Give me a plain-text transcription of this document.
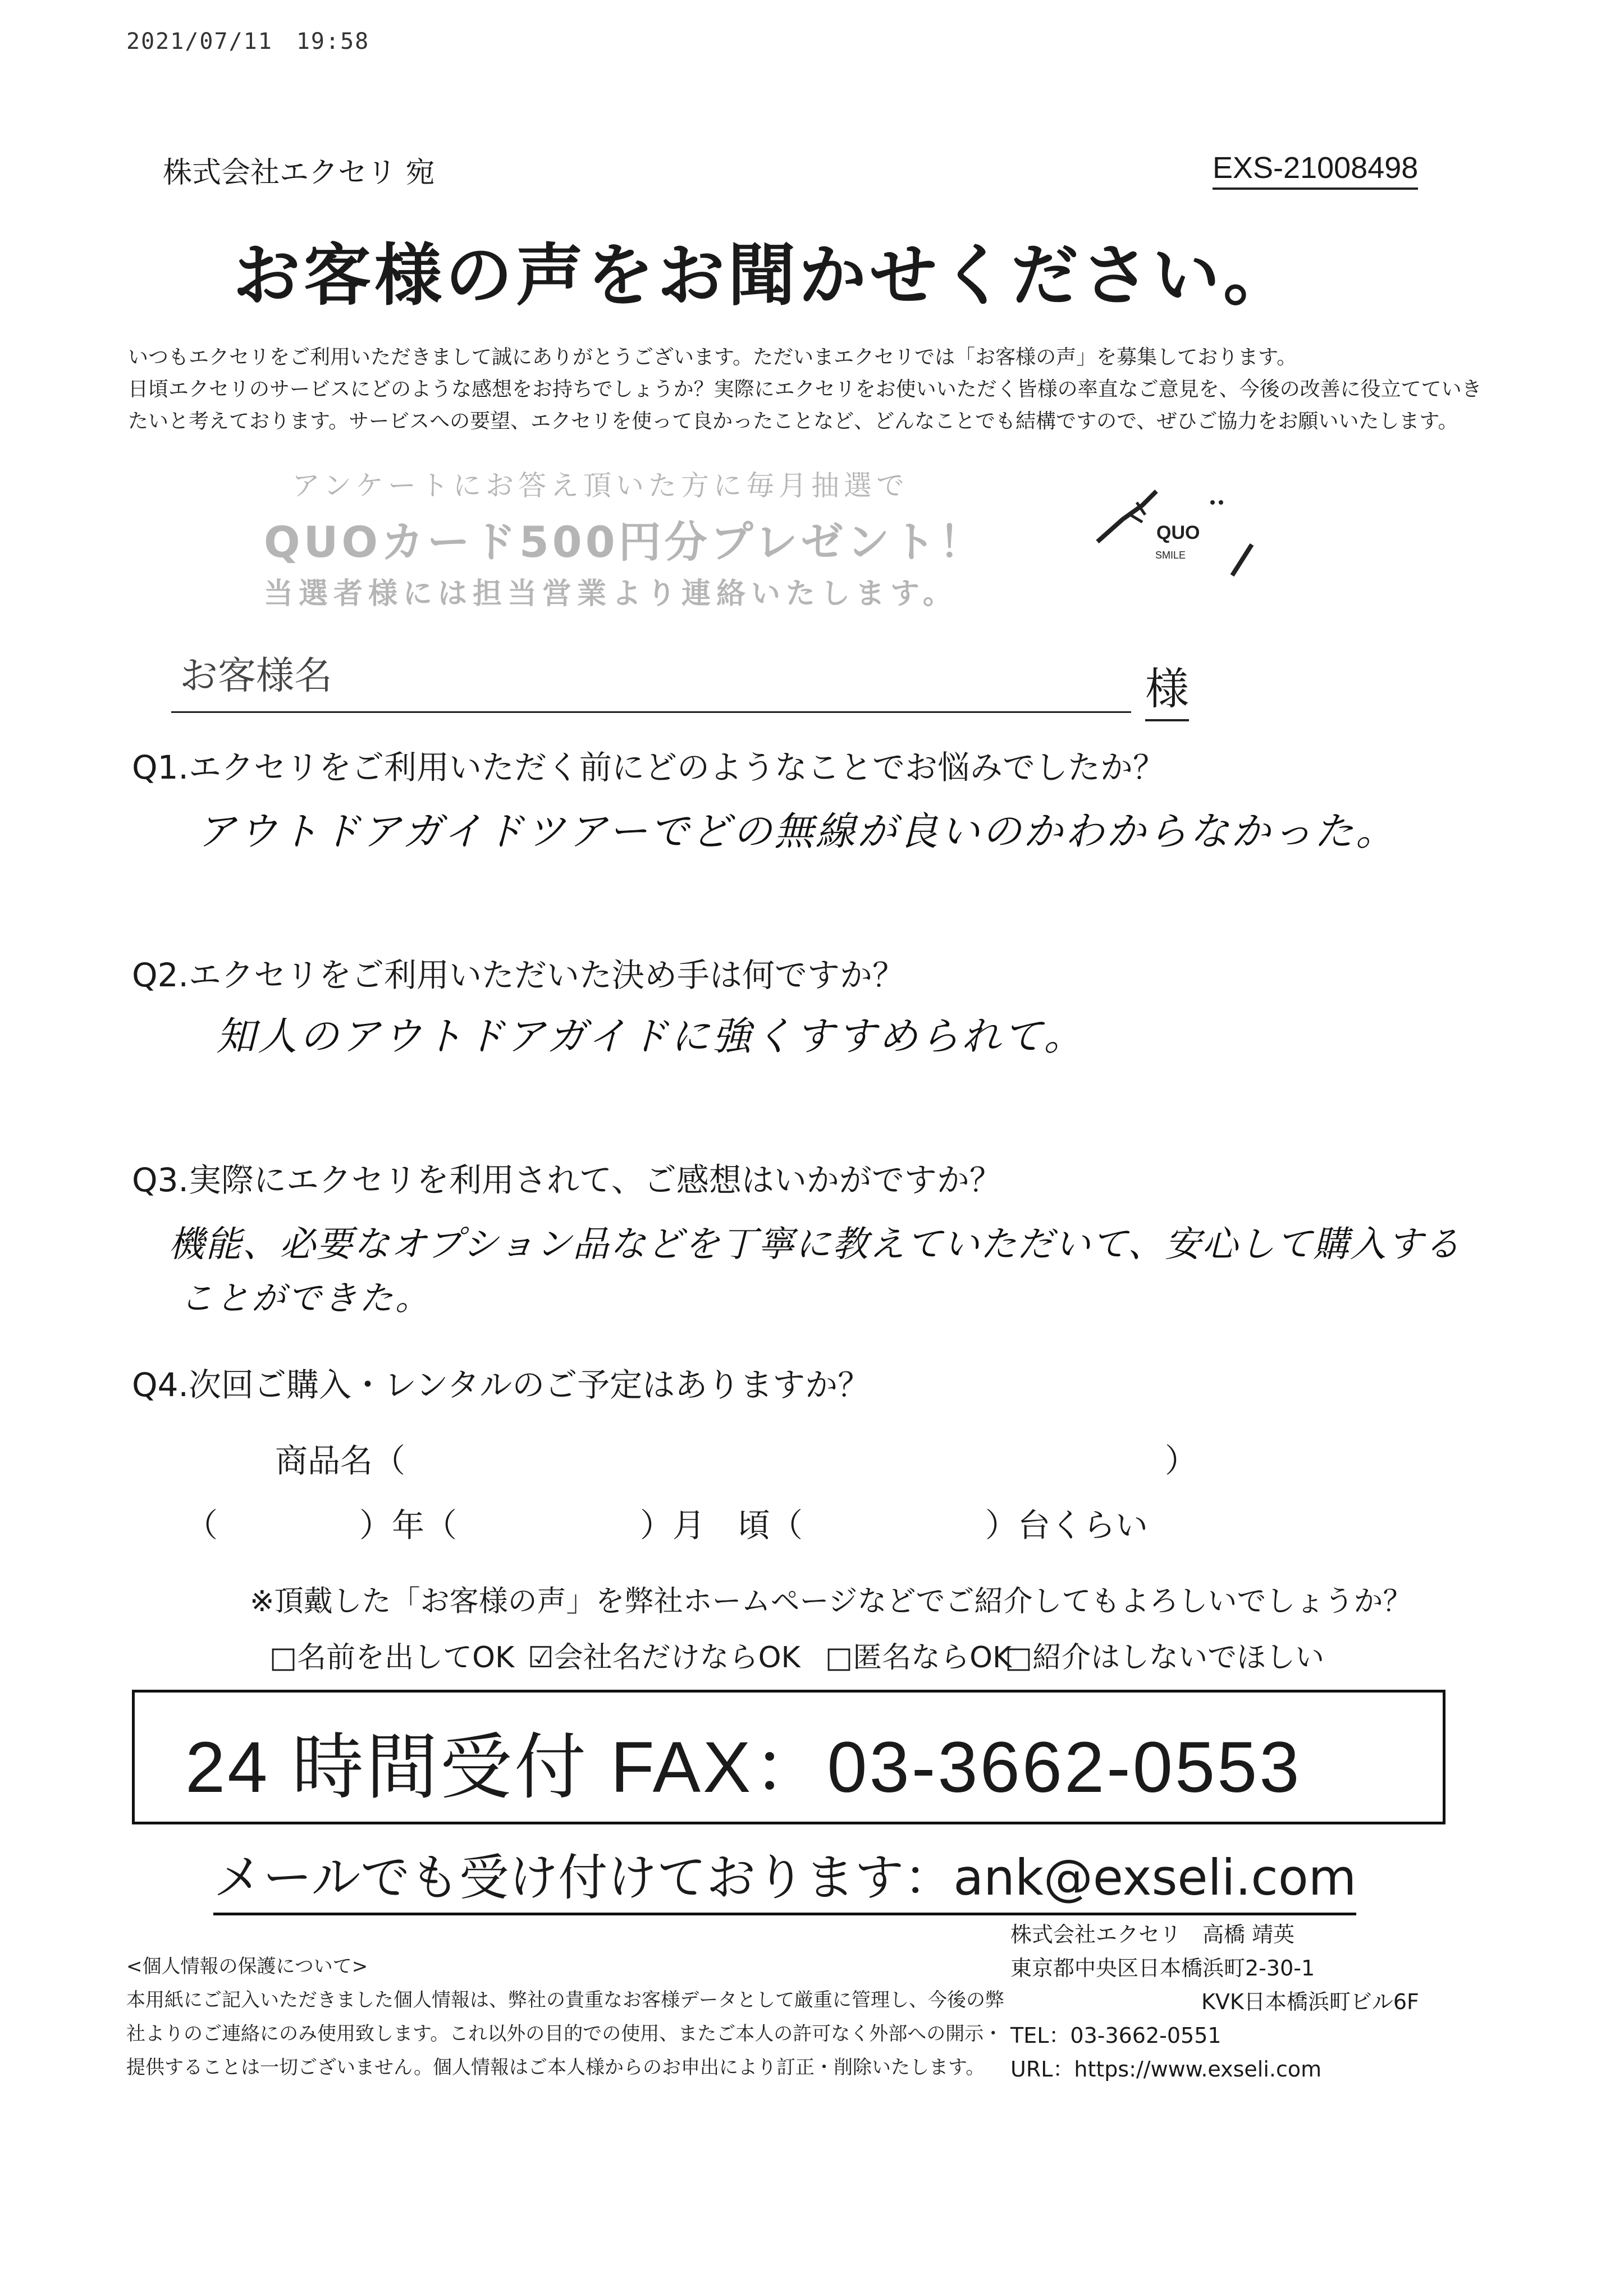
2021/07/11　19:58
株式会社エクセリ 宛	EXS-21008498
お客様の声をお聞かせください。
いつもエクセリをご利用いただきまして誠にありがとうございます。ただいまエクセリでは「お客様の声」を募集しております。
日頃エクセリのサービスにどのような感想をお持ちでしょうか？実際にエクセリをお使いいただく皆様の率直なご意見を、今後の改善に役立てていき
たいと考えております。サービスへの要望、エクセリを使って良かったことなど、どんなことでも結構ですので、ぜひご協力をお願いいたします。
アンケートにお答え頂いた方に毎月抽選で
QUOカード500円分プレゼント！
当選者様には担当営業より連絡いたします。
QUO
SMILE
お客様名	様
Q1.エクセリをご利用いただく前にどのようなことでお悩みでしたか？
アウトドアガイドツアーでどの無線が良いのかわからなかった。
Q2.エクセリをご利用いただいた決め手は何ですか？
知人のアウトドアガイドに強くすすめられて。
Q3.実際にエクセリを利用されて、ご感想はいかがですか？
機能、必要なオプション品などを丁寧に教えていただいて、安心して購入する
ことができた。
Q4.次回ご購入・レンタルのご予定はありますか？
商品名（	）
（	）年（	）月　頃（	）台くらい
※頂戴した「お客様の声」を弊社ホームページなどでご紹介してもよろしいでしょうか？
□名前を出してOK ☑会社名だけならOK □匿名ならOK
□紹介はしないでほしい
24 時間受付 FAX：03-3662-0553
メールでも受け付けております：ank@exseli.com
株式会社エクセリ　高橋 靖英
東京都中央区日本橋浜町2-30-1
KVK日本橋浜町ビル6F
TEL：03-3662-0551
URL：https://www.exseli.com
<個人情報の保護について>
本用紙にご記入いただきました個人情報は、弊社の貴重なお客様データとして厳重に管理し、今後の弊
社よりのご連絡にのみ使用致します。これ以外の目的での使用、またご本人の許可なく外部への開示・
提供することは一切ございません。個人情報はご本人様からのお申出により訂正・削除いたします。
